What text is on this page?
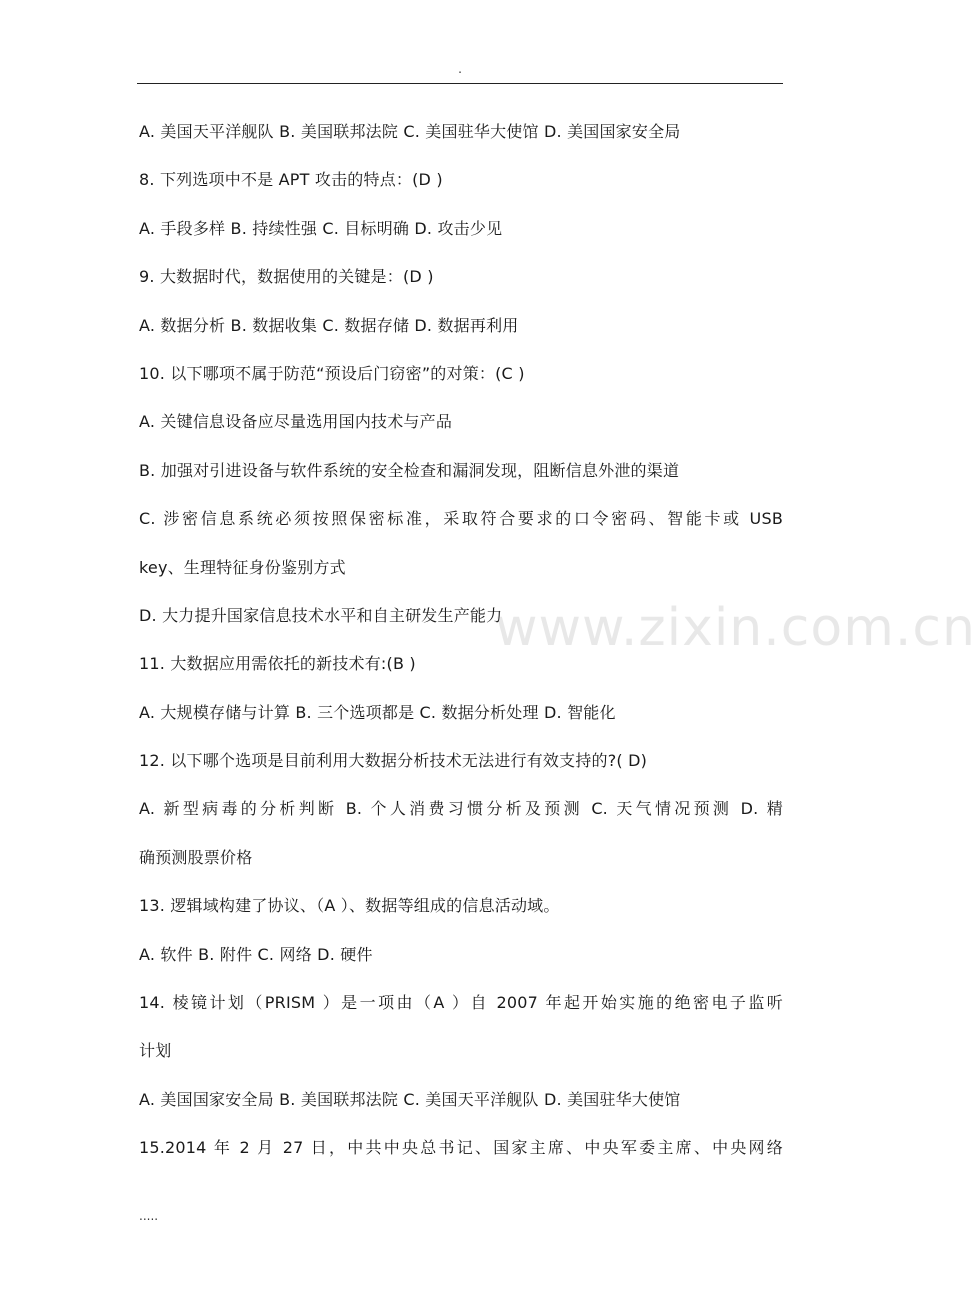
.
A. 美国天平洋舰队 B. 美国联邦法院 C. 美国驻华大使馆 D. 美国国家安全局
8. 下列选项中不是 APT 攻击的特点：(D )
A. 手段多样 B. 持续性强 C. 目标明确 D. 攻击少见
9. 大数据时代，数据使用的关键是：(D )
A. 数据分析 B. 数据收集 C. 数据存储 D. 数据再利用
10. 以下哪项不属于防范“预设后门窃密”的对策：(C )
A. 关键信息设备应尽量选用国内技术与产品
B. 加强对引进设备与软件系统的安全检查和漏洞发现，阻断信息外泄的渠道
C. 涉密信息系统必须按照保密标准，采取符合要求的口令密码、智能卡或 USB
key、生理特征身份鉴别方式
D. 大力提升国家信息技术水平和自主研发生产能力
11. 大数据应用需依托的新技术有:(B )
A. 大规模存储与计算 B. 三个选项都是 C. 数据分析处理 D. 智能化
12. 以下哪个选项是目前利用大数据分析技术无法进行有效支持的?( D)
A. 新型病毒的分析判断 B. 个人消费习惯分析及预测 C. 天气情况预测 D. 精
确预测股票价格
13. 逻辑域构建了协议、（A ）、数据等组成的信息活动域。
A. 软件 B. 附件 C. 网络 D. 硬件
14. 棱镜计划（PRISM ）是一项由（A ）自 2007 年起开始实施的绝密电子监听
计划
A. 美国国家安全局 B. 美国联邦法院 C. 美国天平洋舰队 D. 美国驻华大使馆
15.2014 年 2 月 27 日，中共中央总书记、国家主席、中央军委主席、中央网络
.....
www.zixin.com.cn
